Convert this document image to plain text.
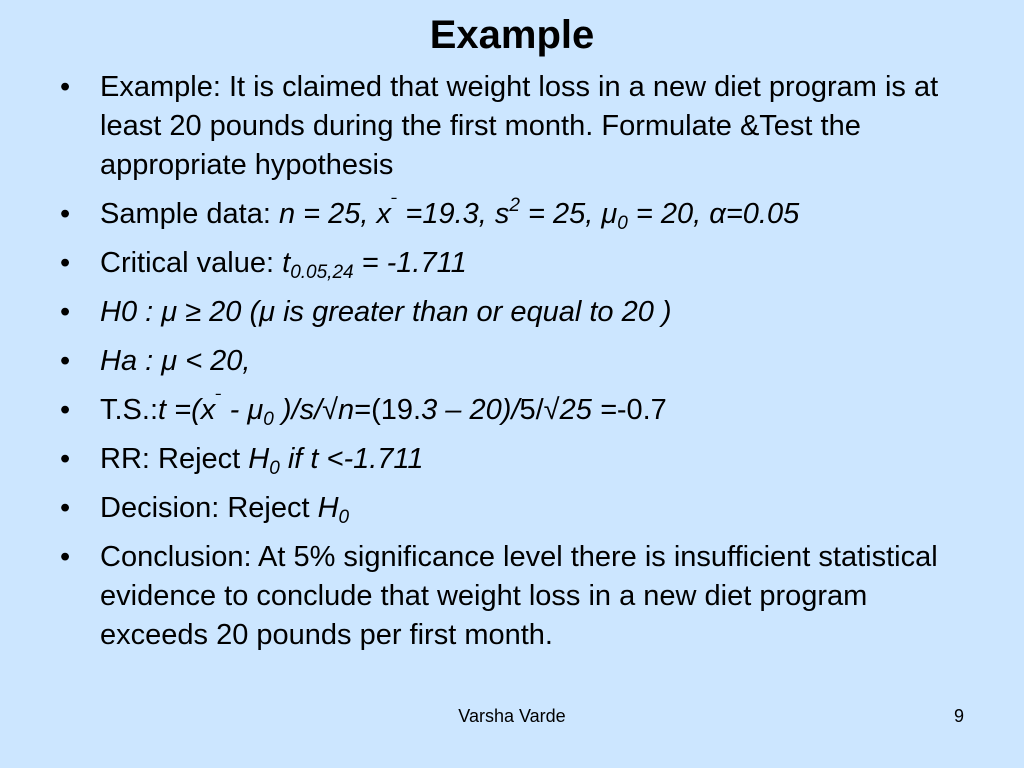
Example
• Example: It is claimed that weight loss in a new diet program is at least 20 pounds during the first month. Formulate &Test the appropriate hypothesis
• Sample data: n = 25, $x^ˉ =19.3$, $s^2 = 25$, $\mu_0 = 20$, α=0.05
• Critical value: $t_{0.05,24} = -1.711$
• H0 : μ ≥ 20 (μ is greater than or equal to 20 )
• Ha : μ < 20,
• T.S.:t $=(x^ˉ - \mu_0$ )/s/√n=(19.3 – 20)/5/√25 =-0.7
• RR: Reject $H_0$ if t <-1.711
• Decision: Reject $H_0$
• Conclusion: At 5% significance level there is insufficient statistical evidence to conclude that weight loss in a new diet program exceeds 20 pounds per first month.
Varsha Varde	9
